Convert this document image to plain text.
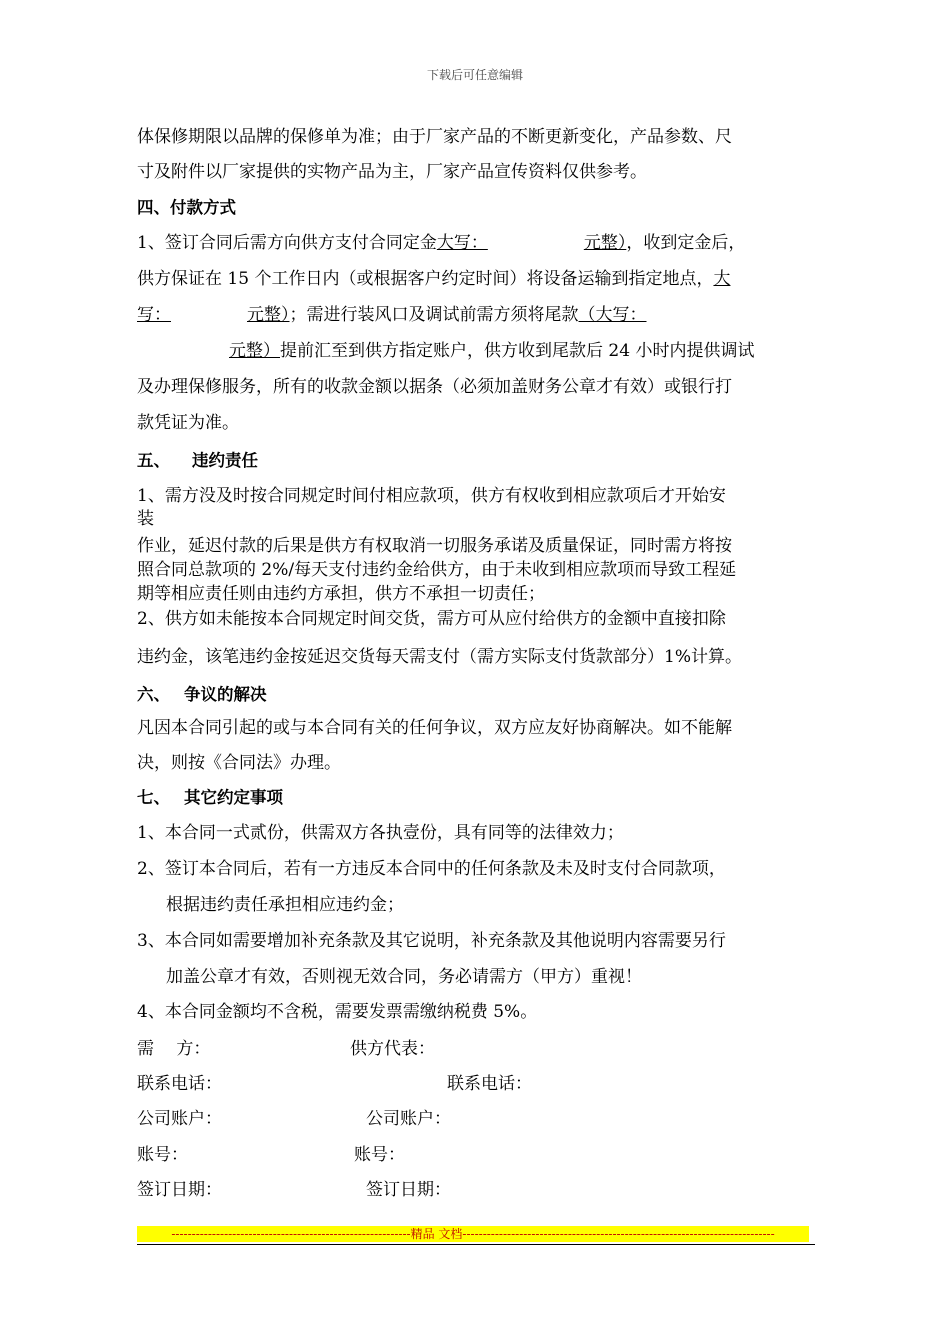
下载后可任意编辑
体保修期限以品牌的保修单为准；由于厂家产品的不断更新变化，产品参数、尺
寸及附件以厂家提供的实物产品为主，厂家产品宣传资料仅供参考。
四、付款方式
1、签订合同后需方向供方支付合同定金大写：	元整），收到定金后，
供方保证在 15 个工作日内（或根据客户约定时间）将设备运输到指定地点，大
写：	元整）；需进行装风口及调试前需方须将尾款（大写：
元整）提前汇至到供方指定账户，供方收到尾款后 24 小时内提供调试
及办理保修服务，所有的收款金额以据条（必须加盖财务公章才有效）或银行打
款凭证为准。
五、 违约责任
1、需方没及时按合同规定时间付相应款项，供方有权收到相应款项后才开始安
装
作业，延迟付款的后果是供方有权取消一切服务承诺及质量保证，同时需方将按
照合同总款项的 2%/每天支付违约金给供方，由于未收到相应款项而导致工程延
期等相应责任则由违约方承担，供方不承担一切责任；
2、供方如未能按本合同规定时间交货，需方可从应付给供方的金额中直接扣除
违约金，该笔违约金按延迟交货每天需支付（需方实际支付货款部分）1%计算。
六、 争议的解决
凡因本合同引起的或与本合同有关的任何争议，双方应友好协商解决。如不能解
决，则按《合同法》办理。
七、 其它约定事项
1、本合同一式贰份，供需双方各执壹份，具有同等的法律效力；
2、签订本合同后，若有一方违反本合同中的任何条款及未及时支付合同款项，
根据违约责任承担相应违约金；
3、本合同如需要增加补充条款及其它说明，补充条款及其他说明内容需要另行
加盖公章才有效，否则视无效合同，务必请需方（甲方）重视！
4、本合同金额均不含税，需要发票需缴纳税费 5%。
需　 方：	供方代表：
联系电话：	联系电话：
公司账户：	公司账户：
账号：	账号：
签订日期：	签订日期：
-----------------------------------------------------------精品 文档-----------------------------------------------------------------------------
